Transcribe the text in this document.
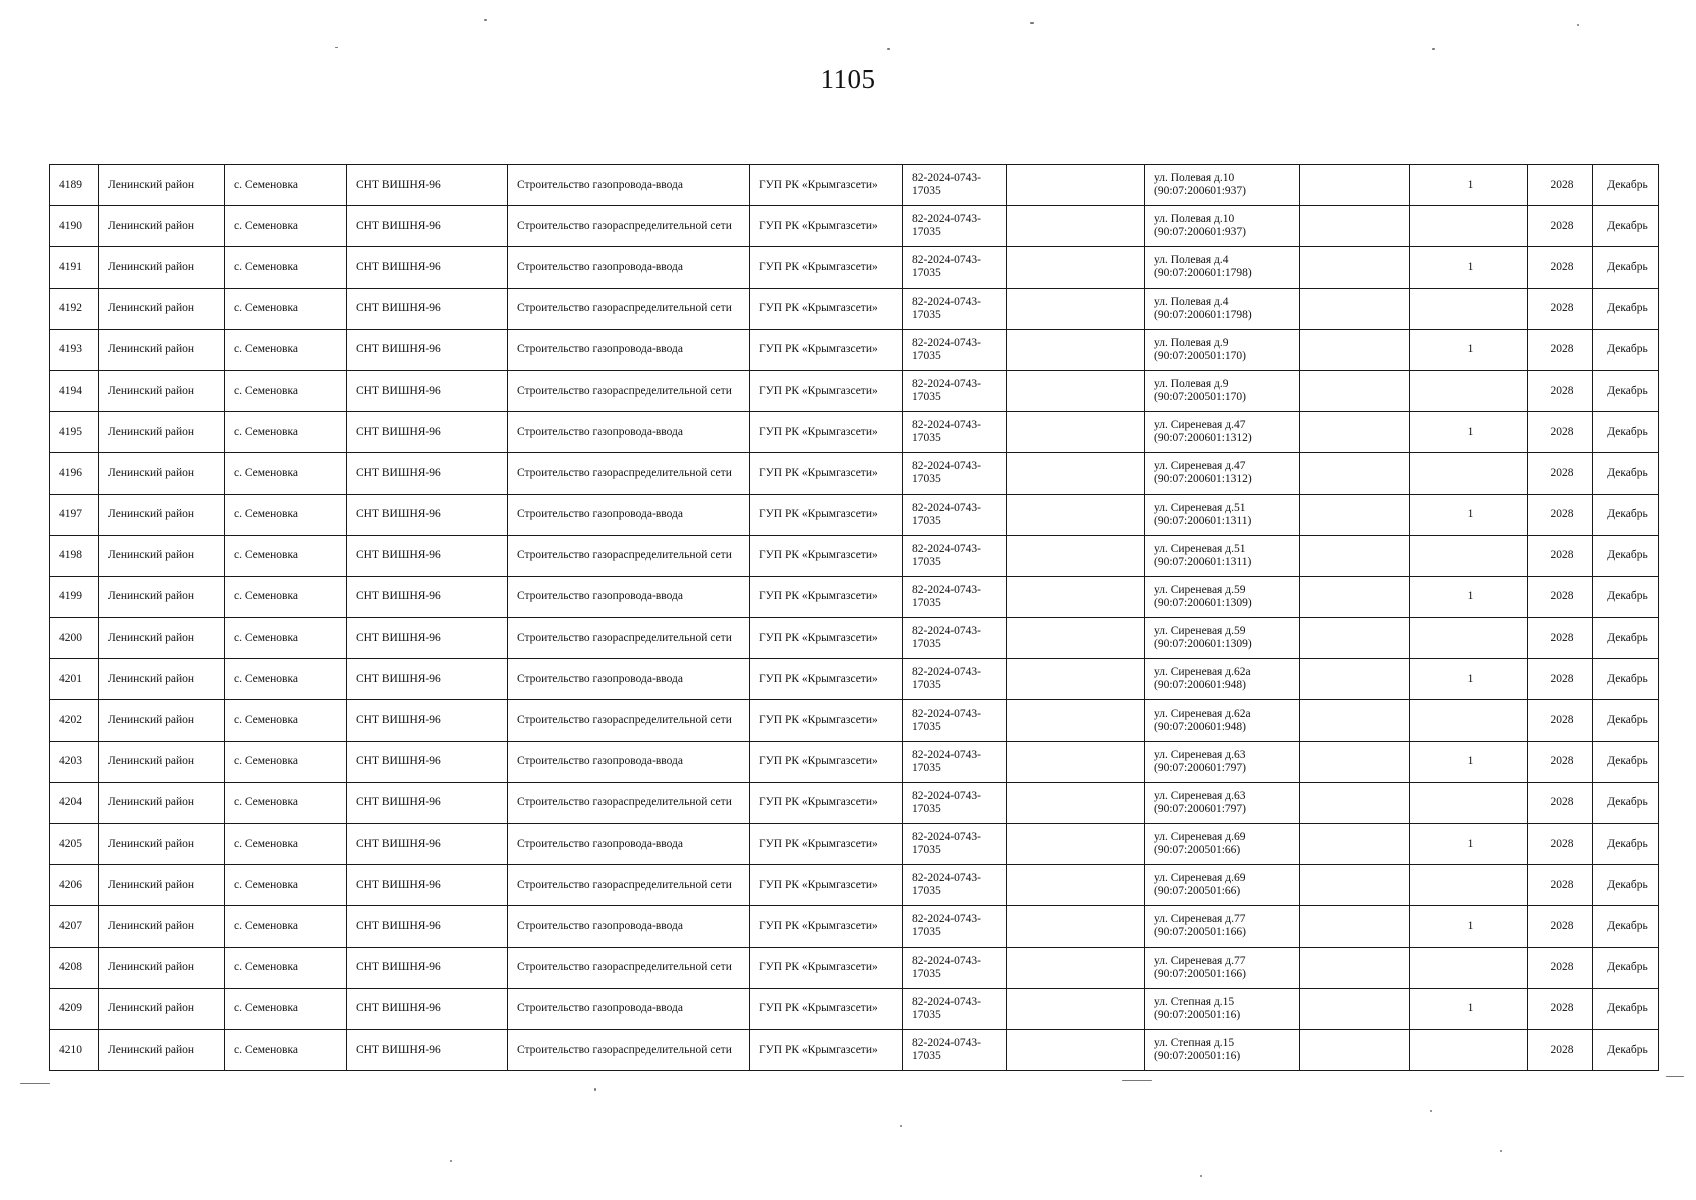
1105
4189	Ленинский район	с. Семеновка	СНТ ВИШНЯ-96	Строительство газопровода-ввода	ГУП РК «Крымгазсети»	82-2024-0743-17035		ул. Полевая д.10 (90:07:200601:937)		1	2028	Декабрь
4190	Ленинский район	с. Семеновка	СНТ ВИШНЯ-96	Строительство газораспределительной сети	ГУП РК «Крымгазсети»	82-2024-0743-17035		ул. Полевая д.10 (90:07:200601:937)			2028	Декабрь
4191	Ленинский район	с. Семеновка	СНТ ВИШНЯ-96	Строительство газопровода-ввода	ГУП РК «Крымгазсети»	82-2024-0743-17035		ул. Полевая д.4 (90:07:200601:1798)		1	2028	Декабрь
4192	Ленинский район	с. Семеновка	СНТ ВИШНЯ-96	Строительство газораспределительной сети	ГУП РК «Крымгазсети»	82-2024-0743-17035		ул. Полевая д.4 (90:07:200601:1798)			2028	Декабрь
4193	Ленинский район	с. Семеновка	СНТ ВИШНЯ-96	Строительство газопровода-ввода	ГУП РК «Крымгазсети»	82-2024-0743-17035		ул. Полевая д.9 (90:07:200501:170)		1	2028	Декабрь
4194	Ленинский район	с. Семеновка	СНТ ВИШНЯ-96	Строительство газораспределительной сети	ГУП РК «Крымгазсети»	82-2024-0743-17035		ул. Полевая д.9 (90:07:200501:170)			2028	Декабрь
4195	Ленинский район	с. Семеновка	СНТ ВИШНЯ-96	Строительство газопровода-ввода	ГУП РК «Крымгазсети»	82-2024-0743-17035		ул. Сиреневая д.47 (90:07:200601:1312)		1	2028	Декабрь
4196	Ленинский район	с. Семеновка	СНТ ВИШНЯ-96	Строительство газораспределительной сети	ГУП РК «Крымгазсети»	82-2024-0743-17035		ул. Сиреневая д.47 (90:07:200601:1312)			2028	Декабрь
4197	Ленинский район	с. Семеновка	СНТ ВИШНЯ-96	Строительство газопровода-ввода	ГУП РК «Крымгазсети»	82-2024-0743-17035		ул. Сиреневая д.51 (90:07:200601:1311)		1	2028	Декабрь
4198	Ленинский район	с. Семеновка	СНТ ВИШНЯ-96	Строительство газораспределительной сети	ГУП РК «Крымгазсети»	82-2024-0743-17035		ул. Сиреневая д.51 (90:07:200601:1311)			2028	Декабрь
4199	Ленинский район	с. Семеновка	СНТ ВИШНЯ-96	Строительство газопровода-ввода	ГУП РК «Крымгазсети»	82-2024-0743-17035		ул. Сиреневая д.59 (90:07:200601:1309)		1	2028	Декабрь
4200	Ленинский район	с. Семеновка	СНТ ВИШНЯ-96	Строительство газораспределительной сети	ГУП РК «Крымгазсети»	82-2024-0743-17035		ул. Сиреневая д.59 (90:07:200601:1309)			2028	Декабрь
4201	Ленинский район	с. Семеновка	СНТ ВИШНЯ-96	Строительство газопровода-ввода	ГУП РК «Крымгазсети»	82-2024-0743-17035		ул. Сиреневая д.62а (90:07:200601:948)		1	2028	Декабрь
4202	Ленинский район	с. Семеновка	СНТ ВИШНЯ-96	Строительство газораспределительной сети	ГУП РК «Крымгазсети»	82-2024-0743-17035		ул. Сиреневая д.62а (90:07:200601:948)			2028	Декабрь
4203	Ленинский район	с. Семеновка	СНТ ВИШНЯ-96	Строительство газопровода-ввода	ГУП РК «Крымгазсети»	82-2024-0743-17035		ул. Сиреневая д.63 (90:07:200601:797)		1	2028	Декабрь
4204	Ленинский район	с. Семеновка	СНТ ВИШНЯ-96	Строительство газораспределительной сети	ГУП РК «Крымгазсети»	82-2024-0743-17035		ул. Сиреневая д.63 (90:07:200601:797)			2028	Декабрь
4205	Ленинский район	с. Семеновка	СНТ ВИШНЯ-96	Строительство газопровода-ввода	ГУП РК «Крымгазсети»	82-2024-0743-17035		ул. Сиреневая д.69 (90:07:200501:66)		1	2028	Декабрь
4206	Ленинский район	с. Семеновка	СНТ ВИШНЯ-96	Строительство газораспределительной сети	ГУП РК «Крымгазсети»	82-2024-0743-17035		ул. Сиреневая д.69 (90:07:200501:66)			2028	Декабрь
4207	Ленинский район	с. Семеновка	СНТ ВИШНЯ-96	Строительство газопровода-ввода	ГУП РК «Крымгазсети»	82-2024-0743-17035		ул. Сиреневая д.77 (90:07:200501:166)		1	2028	Декабрь
4208	Ленинский район	с. Семеновка	СНТ ВИШНЯ-96	Строительство газораспределительной сети	ГУП РК «Крымгазсети»	82-2024-0743-17035		ул. Сиреневая д.77 (90:07:200501:166)			2028	Декабрь
4209	Ленинский район	с. Семеновка	СНТ ВИШНЯ-96	Строительство газопровода-ввода	ГУП РК «Крымгазсети»	82-2024-0743-17035		ул. Степная д.15 (90:07:200501:16)		1	2028	Декабрь
4210	Ленинский район	с. Семеновка	СНТ ВИШНЯ-96	Строительство газораспределительной сети	ГУП РК «Крымгазсети»	82-2024-0743-17035		ул. Степная д.15 (90:07:200501:16)			2028	Декабрь
